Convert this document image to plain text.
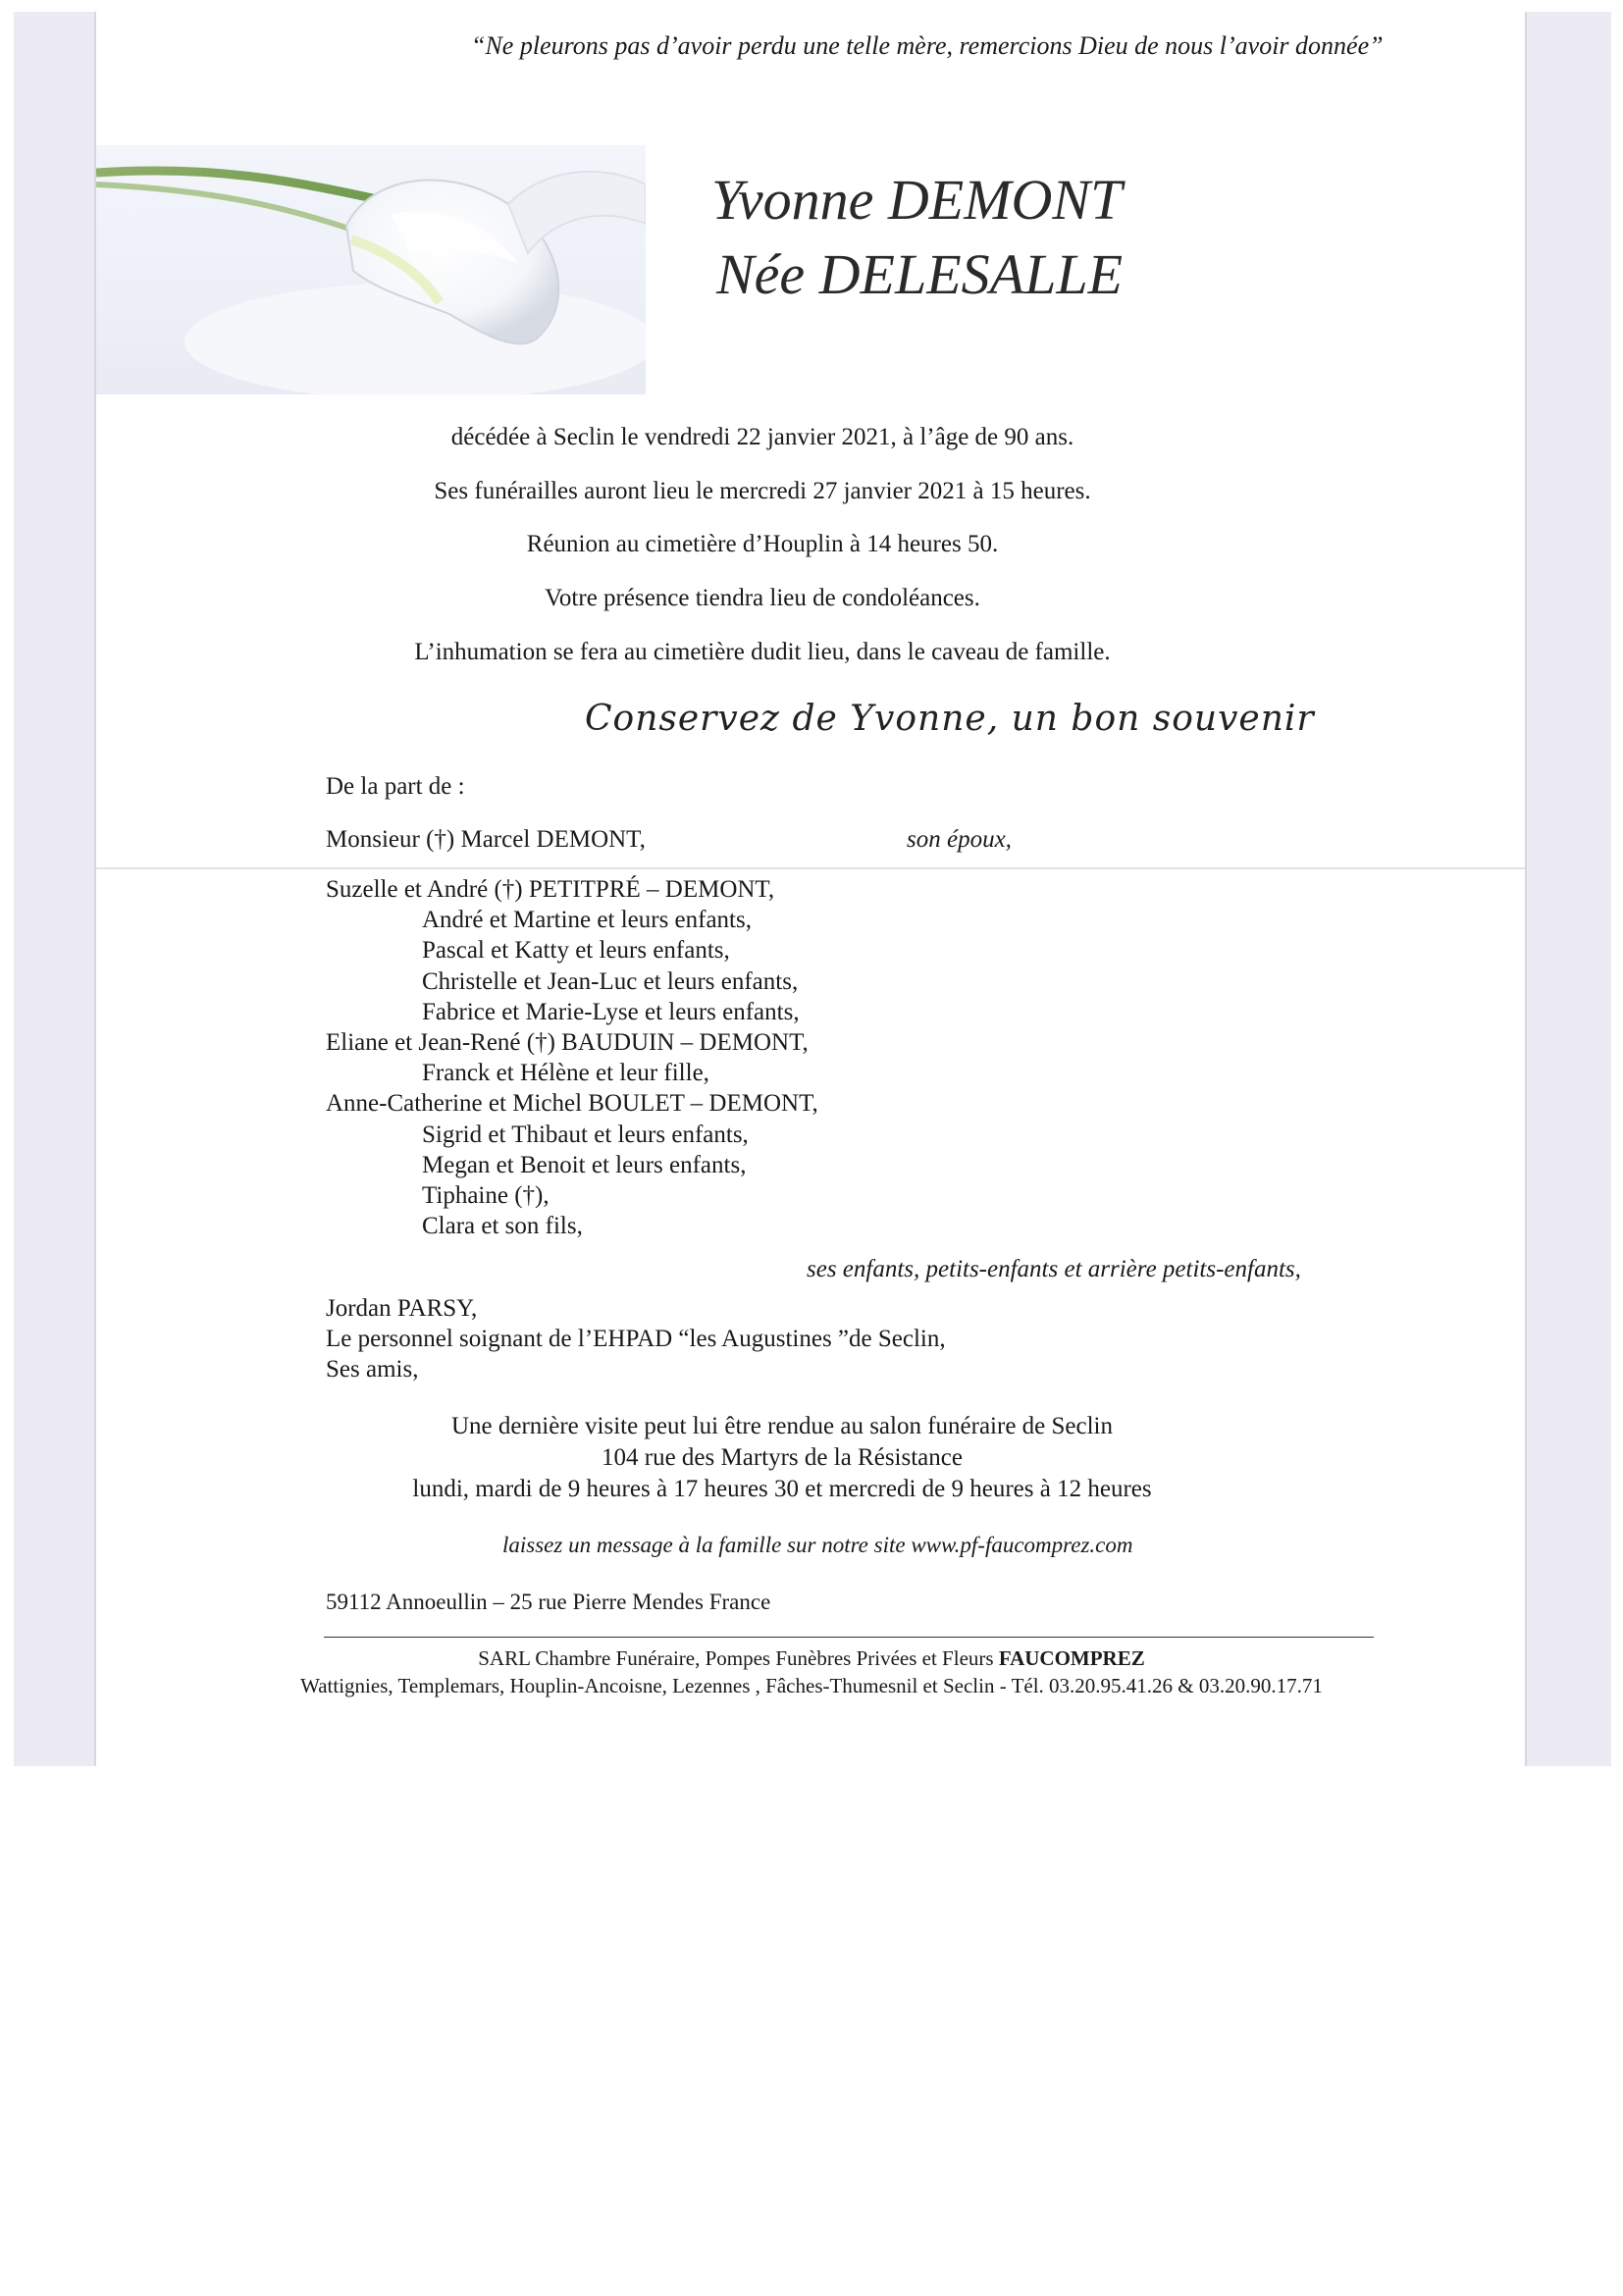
“Ne pleurons pas d’avoir perdu une telle mère, remercions Dieu de nous l’avoir donnée”
Yvonne DEMONT
Née DELESALLE
décédée à Seclin le vendredi 22 janvier 2021, à l’âge de 90 ans.
Ses funérailles auront lieu le mercredi 27 janvier 2021 à 15 heures.
Réunion au cimetière d’Houplin à 14 heures 50.
Votre présence tiendra lieu de condoléances.
L’inhumation se fera au cimetière dudit lieu, dans le caveau de famille.
Conservez de Yvonne, un bon souvenir
De la part de :
Monsieur (†) Marcel DEMONT,	son époux,
Suzelle et André (†) PETITPRÉ – DEMONT,
André et Martine et leurs enfants,
Pascal et Katty et leurs enfants,
Christelle et Jean-Luc et leurs enfants,
Fabrice et Marie-Lyse et leurs enfants,
Eliane et Jean-René (†) BAUDUIN – DEMONT,
Franck et Hélène et leur fille,
Anne-Catherine et Michel BOULET – DEMONT,
Sigrid et Thibaut et leurs enfants,
Megan et Benoit et leurs enfants,
Tiphaine (†),
Clara et son fils,
ses enfants, petits-enfants et arrière petits-enfants,
Jordan PARSY,
Le personnel soignant de l’EHPAD “les Augustines ”de Seclin,
Ses amis,
Une dernière visite peut lui être rendue au salon funéraire de Seclin
104 rue des Martyrs de la Résistance
lundi, mardi de 9 heures à 17 heures 30 et mercredi de 9 heures à 12 heures
laissez un message à la famille sur notre site www.pf-faucomprez.com
59112 Annoeullin – 25 rue Pierre Mendes France
SARL Chambre Funéraire, Pompes Funèbres Privées et Fleurs FAUCOMPREZ
Wattignies, Templemars, Houplin-Ancoisne, Lezennes , Fâches-Thumesnil et Seclin - Tél. 03.20.95.41.26 & 03.20.90.17.71
